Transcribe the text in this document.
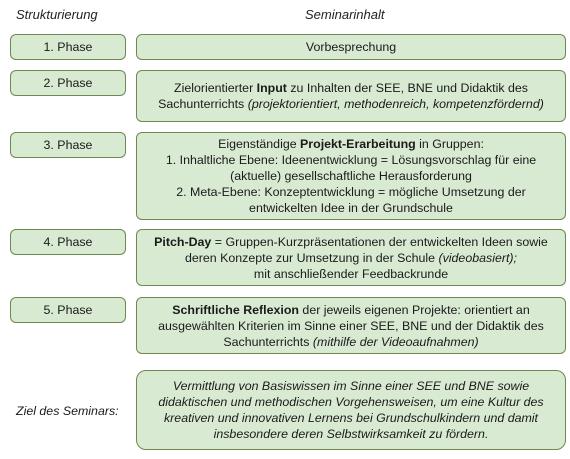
Strukturierung	Seminarinhalt
1. Phase	Vorbesprechung
2. Phase	Zielorientierter Input zu Inhalten der SEE, BNE und Didaktik des Sachunterrichts (projektorientiert, methodenreich, kompetenzfördernd)
3. Phase	Eigenständige Projekt-Erarbeitung in Gruppen:
1. Inhaltliche Ebene: Ideenentwicklung = Lösungsvorschlag für eine (aktuelle) gesellschaftliche Herausforderung
2. Meta-Ebene: Konzeptentwicklung = mögliche Umsetzung der entwickelten Idee in der Grundschule
4. Phase	Pitch-Day = Gruppen-Kurzpräsentationen der entwickelten Ideen sowie deren Konzepte zur Umsetzung in der Schule (videobasiert);
mit anschließender Feedbackrunde
5. Phase	Schriftliche Reflexion der jeweils eigenen Projekte: orientiert an ausgewählten Kriterien im Sinne einer SEE, BNE und der Didaktik des Sachunterrichts (mithilfe der Videoaufnahmen)
Ziel des Seminars:
Vermittlung von Basiswissen im Sinne einer SEE und BNE sowie didaktischen und methodischen Vorgehensweisen, um eine Kultur des kreativen und innovativen Lernens bei Grundschulkindern und damit insbesondere deren Selbstwirksamkeit zu fördern.
